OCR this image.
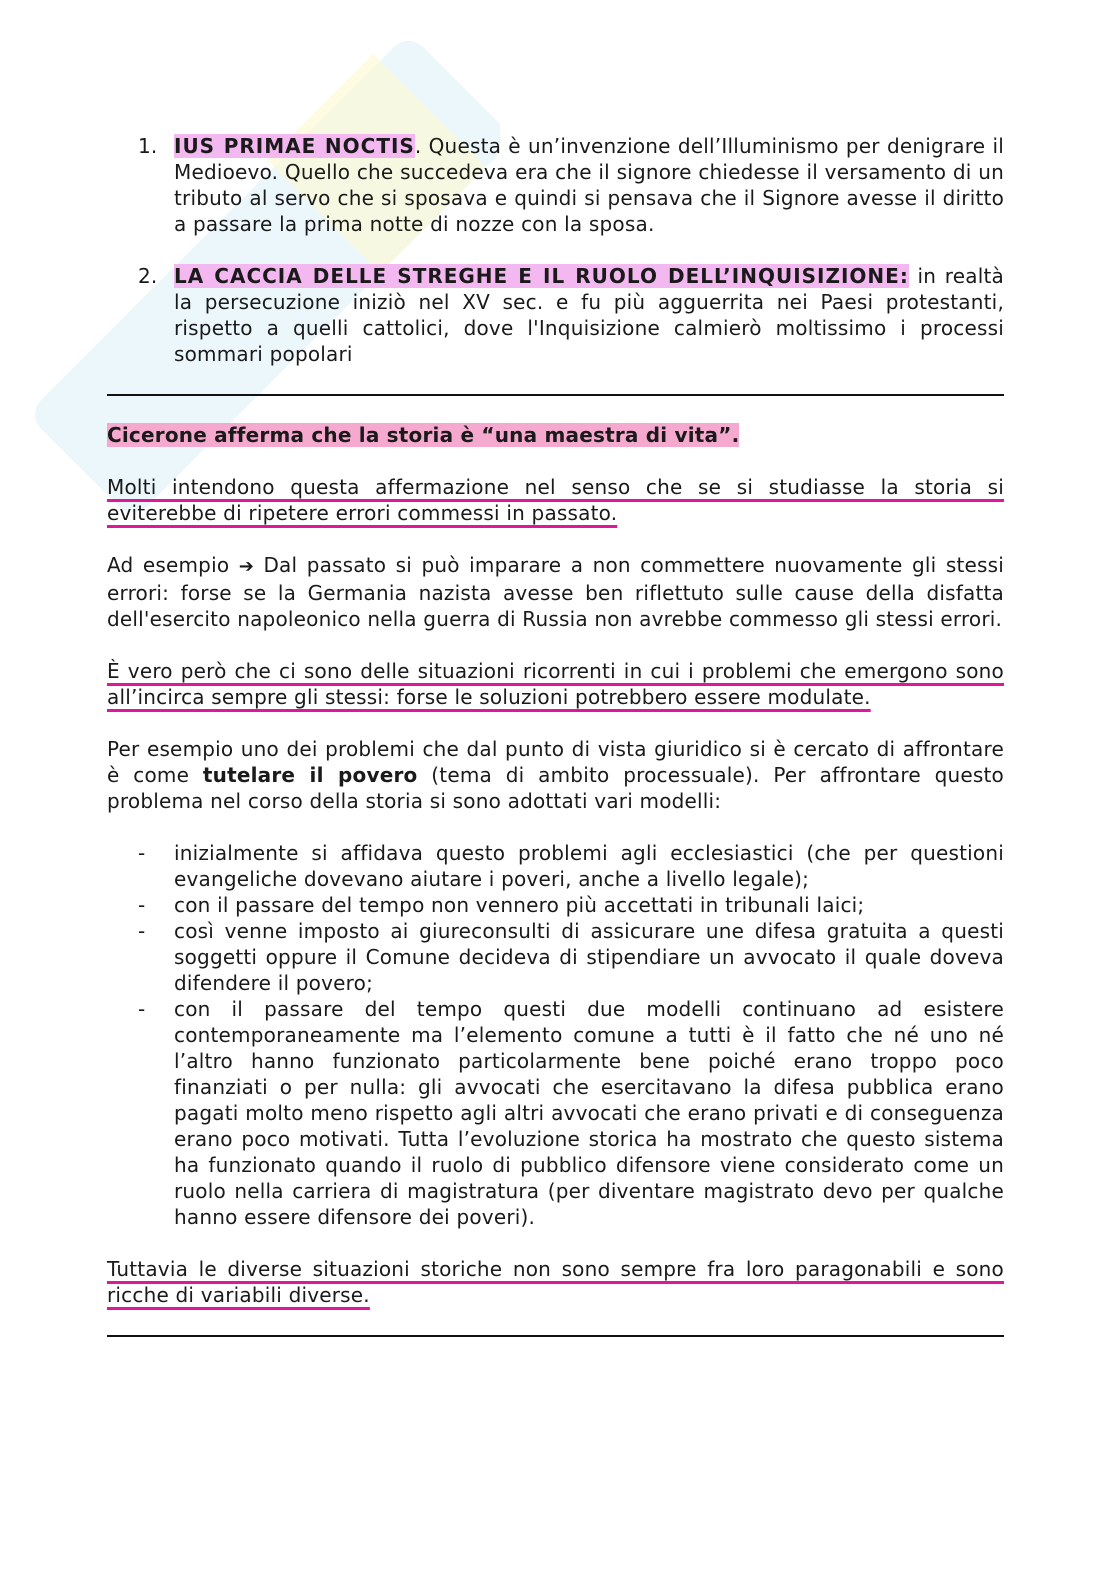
1. IUS PRIMAE NOCTIS. Questa è un’invenzione dell’Illuminismo per denigrare il Medioevo. Quello che succedeva era che il signore chiedesse il versamento di un tributo al servo che si sposava e quindi si pensava che il Signore avesse il diritto a passare la prima notte di nozze con la sposa.
2. LA CACCIA DELLE STREGHE E IL RUOLO DELL’INQUISIZIONE: in realtà la persecuzione iniziò nel XV sec. e fu più agguerrita nei Paesi protestanti, rispetto a quelli cattolici, dove l'Inquisizione calmierò moltissimo i processi sommari popolari

Cicerone afferma che la storia è “una maestra di vita”.

Molti intendono questa affermazione nel senso che se si studiasse la storia si eviterebbe di ripetere errori commessi in passato.

Ad esempio ➔ Dal passato si può imparare a non commettere nuovamente gli stessi errori: forse se la Germania nazista avesse ben riflettuto sulle cause della disfatta dell'esercito napoleonico nella guerra di Russia non avrebbe commesso gli stessi errori.

È vero però che ci sono delle situazioni ricorrenti in cui i problemi che emergono sono all’incirca sempre gli stessi: forse le soluzioni potrebbero essere modulate.

Per esempio uno dei problemi che dal punto di vista giuridico si è cercato di affrontare è come tutelare il povero (tema di ambito processuale). Per affrontare questo problema nel corso della storia si sono adottati vari modelli:

- inizialmente si affidava questo problemi agli ecclesiastici (che per questioni evangeliche dovevano aiutare i poveri, anche a livello legale);
- con il passare del tempo non vennero più accettati in tribunali laici;
- così venne imposto ai giureconsulti di assicurare une difesa gratuita a questi soggetti oppure il Comune decideva di stipendiare un avvocato il quale doveva difendere il povero;
- con il passare del tempo questi due modelli continuano ad esistere contemporaneamente ma l’elemento comune a tutti è il fatto che né uno né l’altro hanno funzionato particolarmente bene poiché erano troppo poco finanziati o per nulla: gli avvocati che esercitavano la difesa pubblica erano pagati molto meno rispetto agli altri avvocati che erano privati e di conseguenza erano poco motivati. Tutta l’evoluzione storica ha mostrato che questo sistema ha funzionato quando il ruolo di pubblico difensore viene considerato come un ruolo nella carriera di magistratura (per diventare magistrato devo per qualche hanno essere difensore dei poveri).

Tuttavia le diverse situazioni storiche non sono sempre fra loro paragonabili e sono ricche di variabili diverse.
